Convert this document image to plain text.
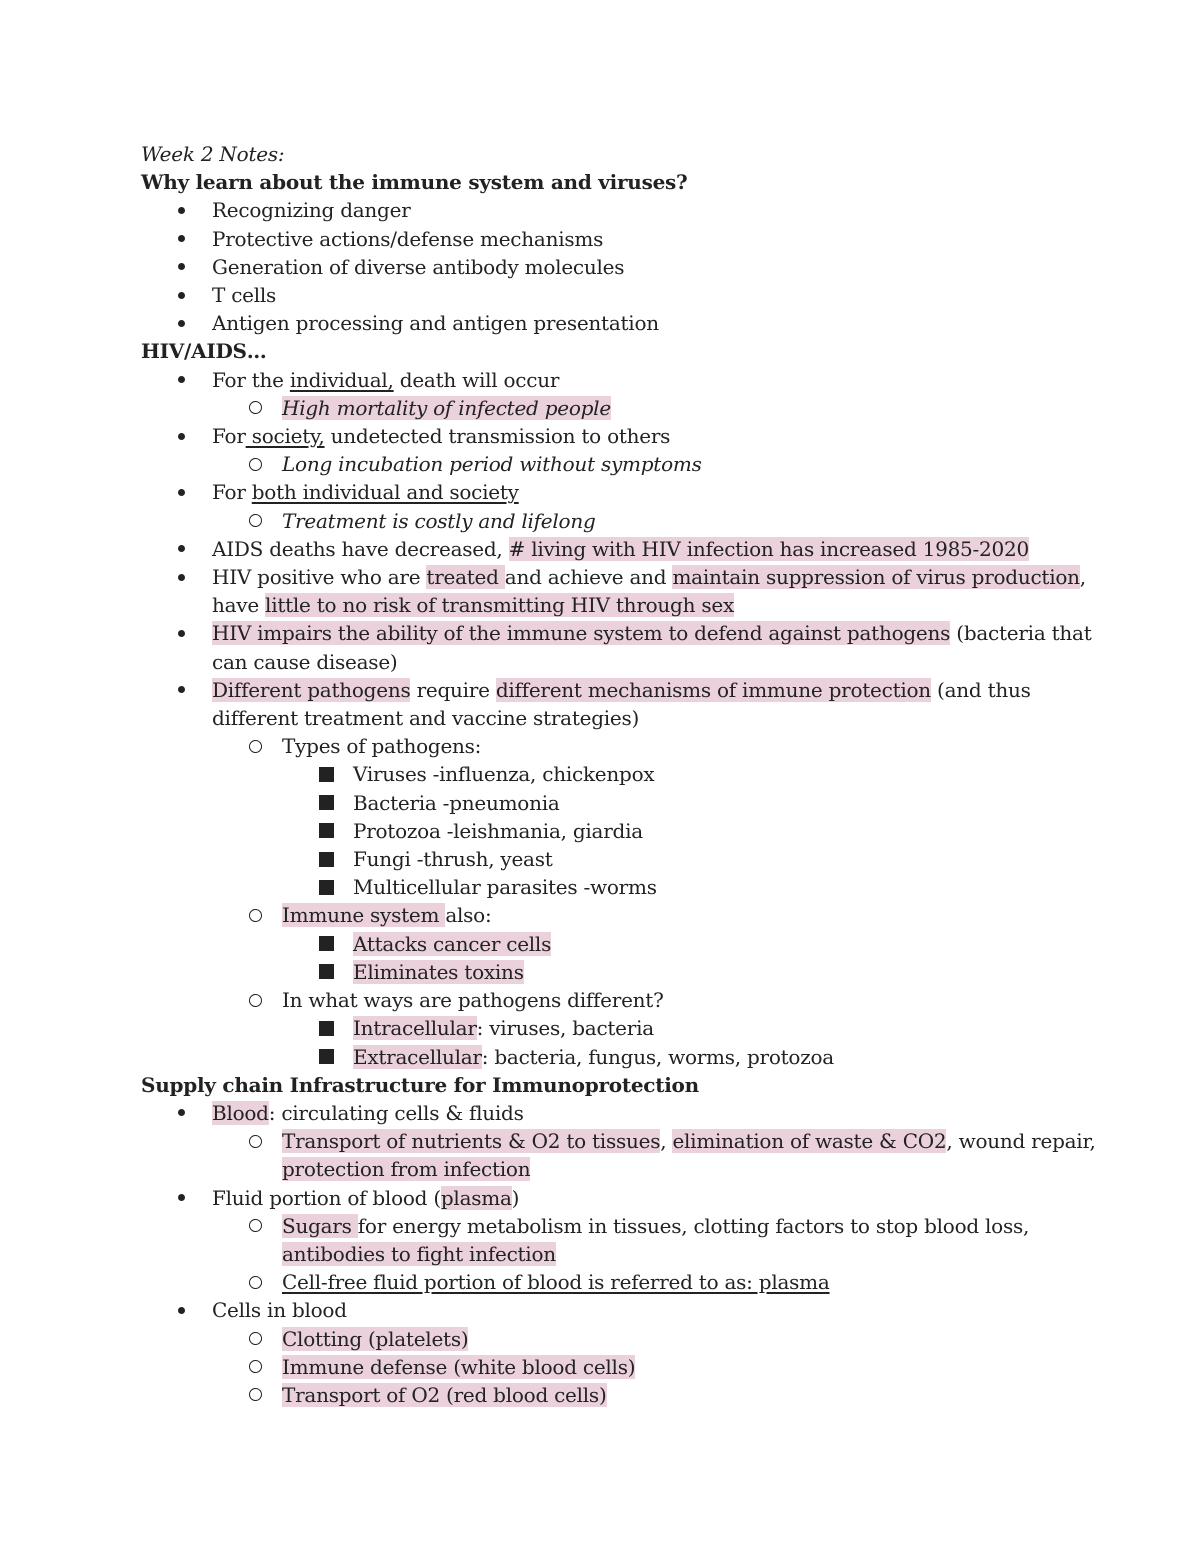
Week 2 Notes:
Why learn about the immune system and viruses?
Recognizing danger
Protective actions/defense mechanisms
Generation of diverse antibody molecules
T cells
Antigen processing and antigen presentation
HIV/AIDS…
For the individual, death will occur
High mortality of infected people
For society, undetected transmission to others
Long incubation period without symptoms
For both individual and society
Treatment is costly and lifelong
AIDS deaths have decreased, # living with HIV infection has increased 1985-2020
HIV positive who are treated and achieve and maintain suppression of virus production,
have little to no risk of transmitting HIV through sex
HIV impairs the ability of the immune system to defend against pathogens (bacteria that
can cause disease)
Different pathogens require different mechanisms of immune protection (and thus
different treatment and vaccine strategies)
Types of pathogens:
Viruses -influenza, chickenpox
Bacteria -pneumonia
Protozoa -leishmania, giardia
Fungi -thrush, yeast
Multicellular parasites -worms
Immune system also:
Attacks cancer cells
Eliminates toxins
In what ways are pathogens different?
Intracellular: viruses, bacteria
Extracellular: bacteria, fungus, worms, protozoa
Supply chain Infrastructure for Immunoprotection
Blood: circulating cells & fluids
Transport of nutrients & O2 to tissues, elimination of waste & CO2, wound repair,
protection from infection
Fluid portion of blood (plasma)
Sugars for energy metabolism in tissues, clotting factors to stop blood loss,
antibodies to fight infection
Cell-free fluid portion of blood is referred to as: plasma
Cells in blood
Clotting (platelets)
Immune defense (white blood cells)
Transport of O2 (red blood cells)
